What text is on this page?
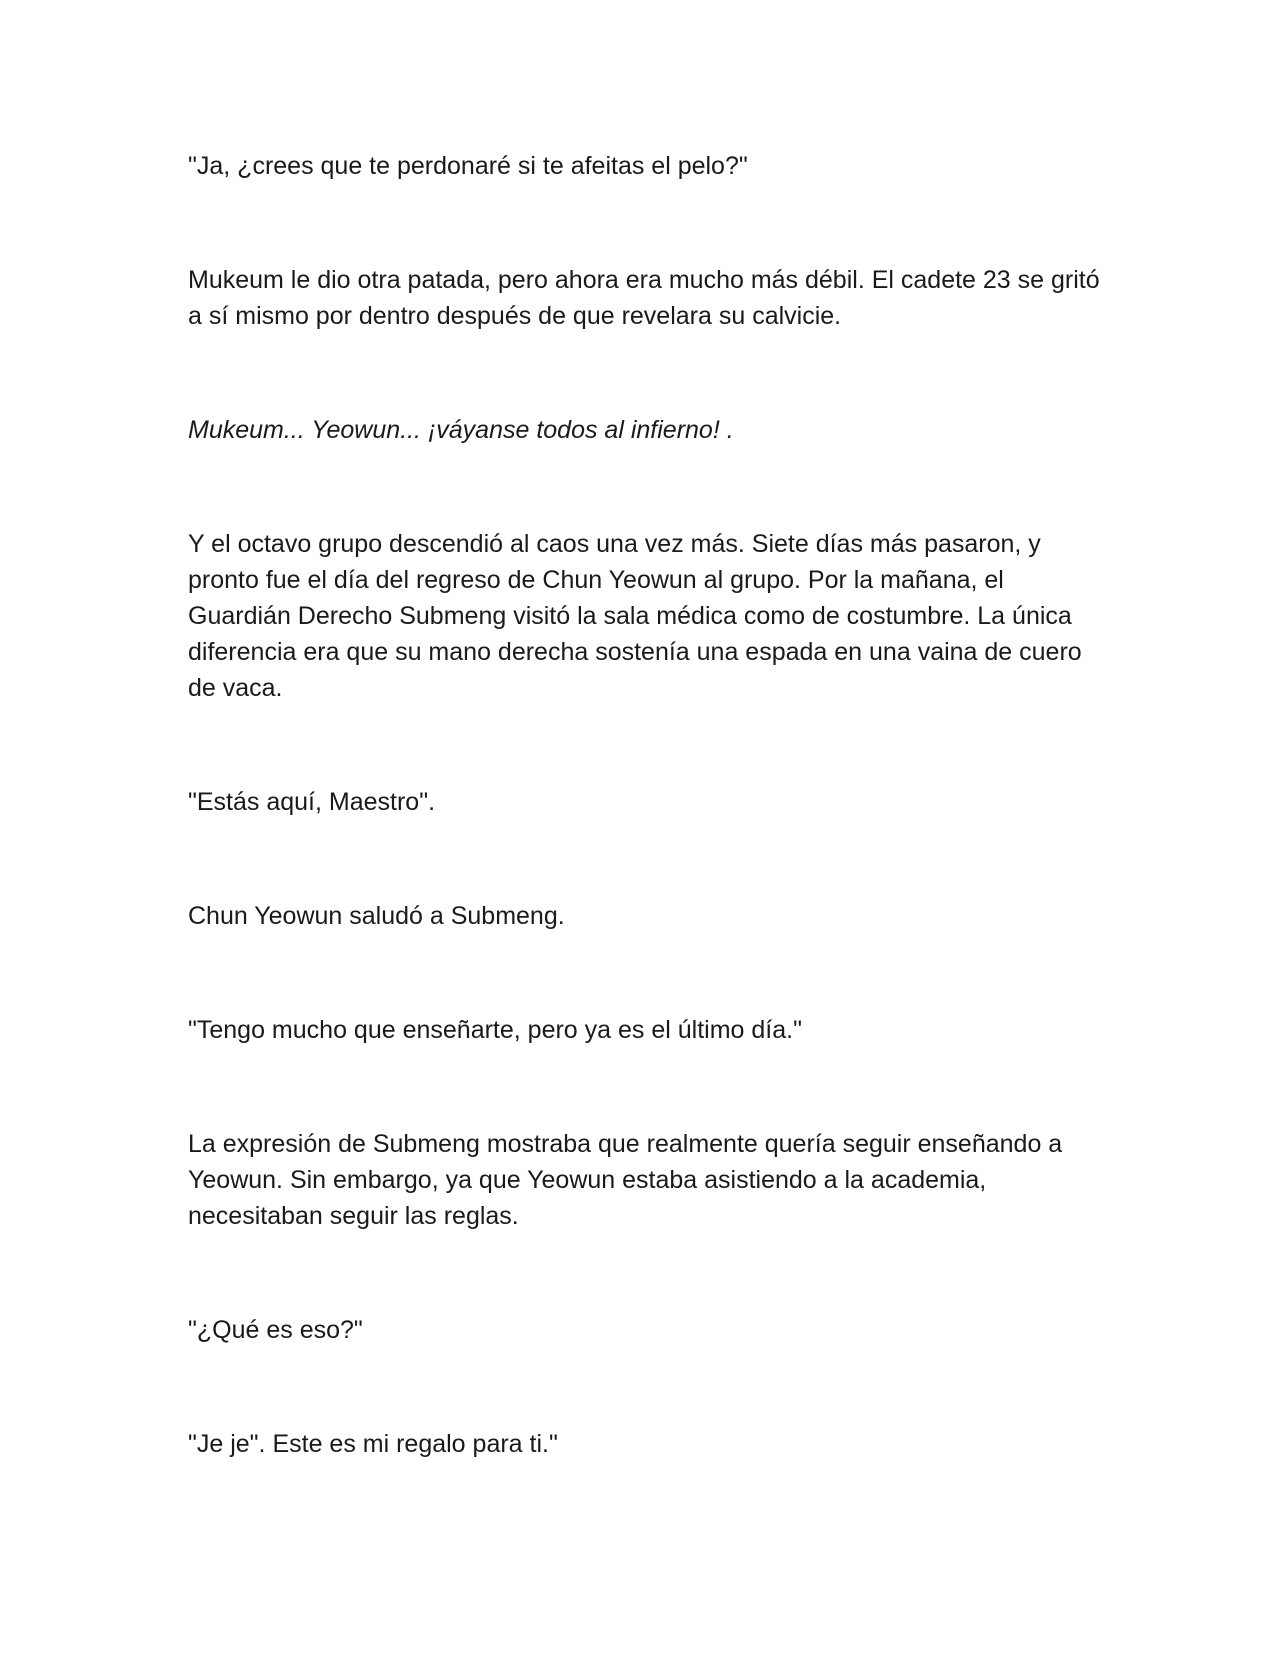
"Ja, ¿crees que te perdonaré si te afeitas el pelo?"

Mukeum le dio otra patada, pero ahora era mucho más débil. El cadete 23 se gritó a sí mismo por dentro después de que revelara su calvicie.

Mukeum... Yeowun... ¡váyanse todos al infierno! .

Y el octavo grupo descendió al caos una vez más. Siete días más pasaron, y pronto fue el día del regreso de Chun Yeowun al grupo. Por la mañana, el Guardián Derecho Submeng visitó la sala médica como de costumbre. La única diferencia era que su mano derecha sostenía una espada en una vaina de cuero de vaca.

"Estás aquí, Maestro".

Chun Yeowun saludó a Submeng.

"Tengo mucho que enseñarte, pero ya es el último día."

La expresión de Submeng mostraba que realmente quería seguir enseñando a Yeowun. Sin embargo, ya que Yeowun estaba asistiendo a la academia, necesitaban seguir las reglas.

"¿Qué es eso?"

"Je je". Este es mi regalo para ti."
